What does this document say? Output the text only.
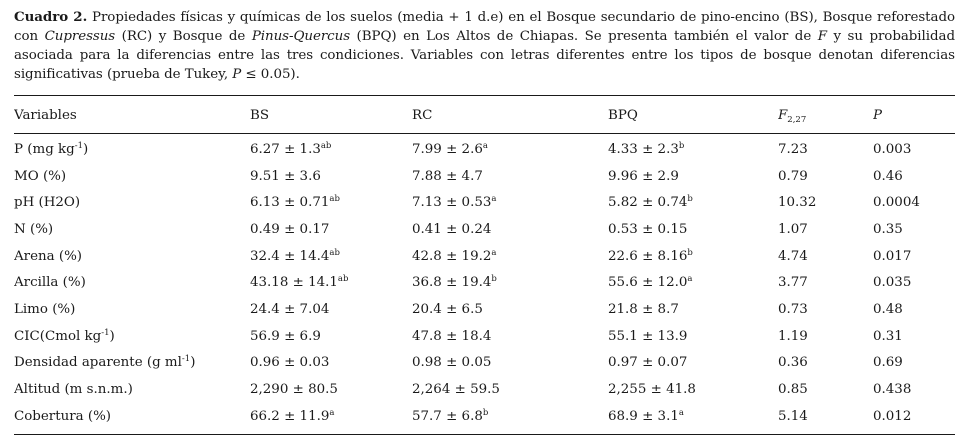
Cuadro 2. Propiedades físicas y químicas de los suelos (media + 1 d.e) en el Bosque secundario de pino-encino (BS), Bosque reforestado con Cupressus (RC) y Bosque de Pinus-Quercus (BPQ) en Los Altos de Chiapas. Se presenta también el valor de F y su probabilidad asociada para la diferencias entre las tres condiciones. Variables con letras diferentes entre los tipos de bosque denotan diferencias significativas (prueba de Tukey, P ≤ 0.05).

Variables	BS	RC	BPQ	$F_{2,27}$	P
P (mg $kg^{-1}$)	6.27 ± 1.3$^{ab}$	7.99 ± 2.6$^a$	4.33 ± 2.3$^b$	7.23	0.003
MO (%)	9.51 ± 3.6	7.88 ± 4.7	9.96 ± 2.9	0.79	0.46
pH (H2O)	6.13 ± 0.71$^{ab}$	7.13 ± 0.53$^a$	5.82 ± 0.74$^b$	10.32	0.0004
N (%)	0.49 ± 0.17	0.41 ± 0.24	0.53 ± 0.15	1.07	0.35
Arena (%)	32.4 ± 14.4$^{ab}$	42.8 ± 19.2$^a$	22.6 ± 8.16$^b$	4.74	0.017
Arcilla (%)	43.18 ± 14.1$^{ab}$	36.8 ± 19.4$^b$	55.6 ± 12.0$^a$	3.77	0.035
Limo (%)	24.4 ± 7.04	20.4 ± 6.5	21.8 ± 8.7	0.73	0.48
CIC(Cmol $kg^{-1}$)	56.9 ± 6.9	47.8 ± 18.4	55.1 ± 13.9	1.19	0.31
Densidad aparente (g $ml^{-1}$)	0.96 ± 0.03	0.98 ± 0.05	0.97 ± 0.07	0.36	0.69
Altitud (m s.n.m.)	2,290 ± 80.5	2,264 ± 59.5	2,255 ± 41.8	0.85	0.438
Cobertura (%)	66.2 ± 11.9$^a$	57.7 ± 6.8$^b$	68.9 ± 3.1$^a$	5.14	0.012
